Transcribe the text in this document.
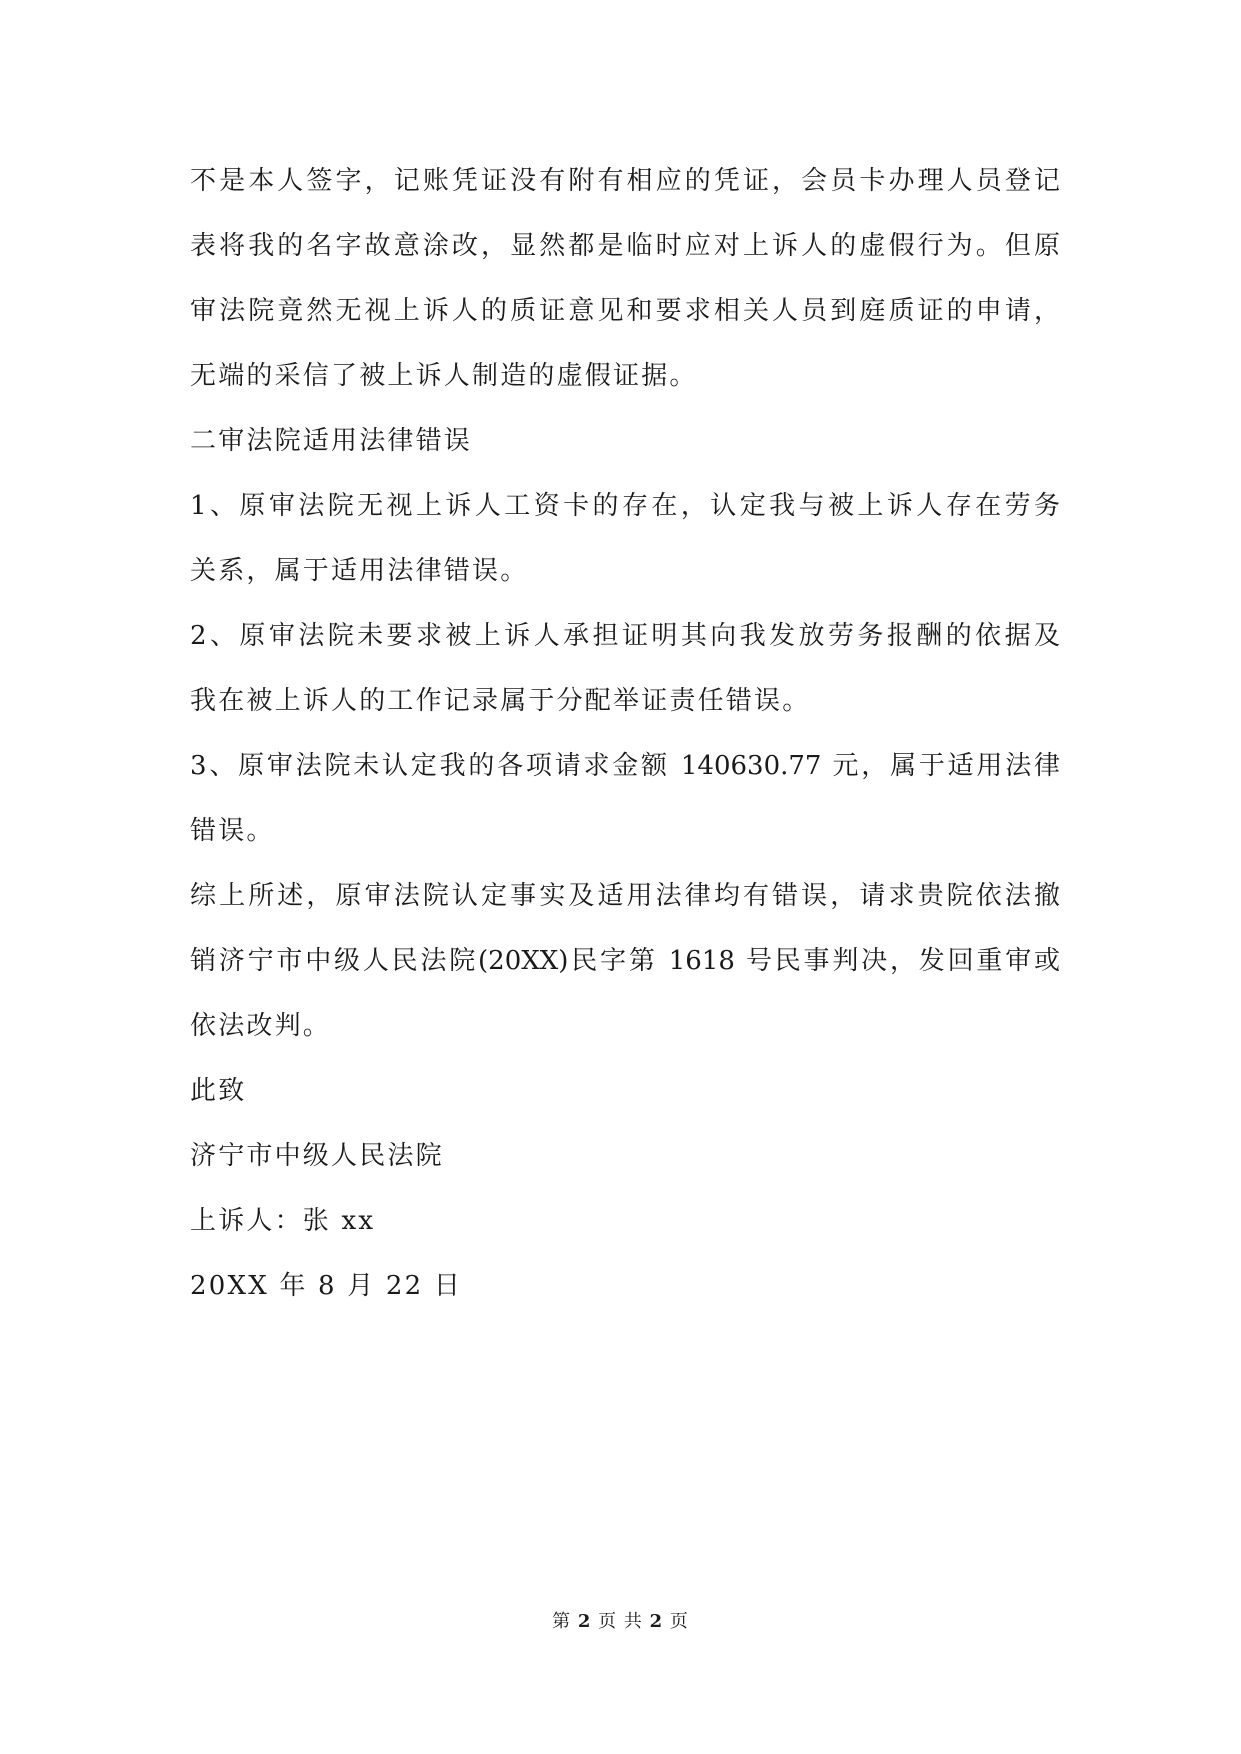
不是本人签字，记账凭证没有附有相应的凭证，会员卡办理人员登记
表将我的名字故意涂改，显然都是临时应对上诉人的虚假行为。但原
审法院竟然无视上诉人的质证意见和要求相关人员到庭质证的申请，
无端的采信了被上诉人制造的虚假证据。
二审法院适用法律错误
1、原审法院无视上诉人工资卡的存在，认定我与被上诉人存在劳务
关系，属于适用法律错误。
2、原审法院未要求被上诉人承担证明其向我发放劳务报酬的依据及
我在被上诉人的工作记录属于分配举证责任错误。
3、原审法院未认定我的各项请求金额 140630.77 元，属于适用法律
错误。
综上所述，原审法院认定事实及适用法律均有错误，请求贵院依法撤
销济宁市中级人民法院(20XX)民字第 1618 号民事判决，发回重审或
依法改判。
此致
济宁市中级人民法院
上诉人：张 xx
20XX 年 8 月 22 日
第 2 页 共 2 页
